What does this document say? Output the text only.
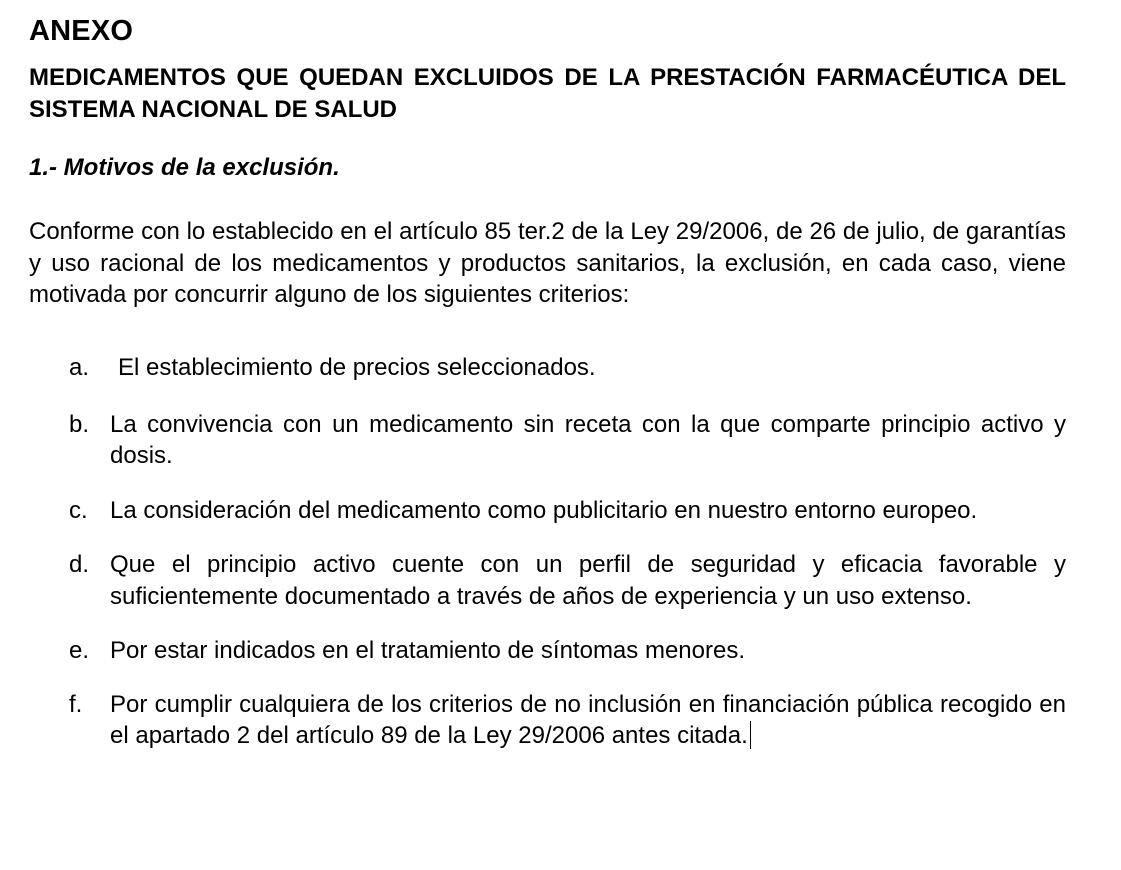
ANEXO
MEDICAMENTOS QUE QUEDAN EXCLUIDOS DE LA PRESTACIÓN FARMACÉUTICA DEL SISTEMA NACIONAL DE SALUD
1.- Motivos de la exclusión.

Conforme con lo establecido en el artículo 85 ter.2 de la Ley 29/2006, de 26 de julio, de garantías y uso racional de los medicamentos y productos sanitarios, la exclusión, en cada caso, viene motivada por concurrir alguno de los siguientes criterios:

a. El establecimiento de precios seleccionados.
b. La convivencia con un medicamento sin receta con la que comparte principio activo y dosis.
c. La consideración del medicamento como publicitario en nuestro entorno europeo.
d. Que el principio activo cuente con un perfil de seguridad y eficacia favorable y suficientemente documentado a través de años de experiencia y un uso extenso.
e. Por estar indicados en el tratamiento de síntomas menores.
f. Por cumplir cualquiera de los criterios de no inclusión en financiación pública recogido en el apartado 2 del artículo 89 de la Ley 29/2006 antes citada.
